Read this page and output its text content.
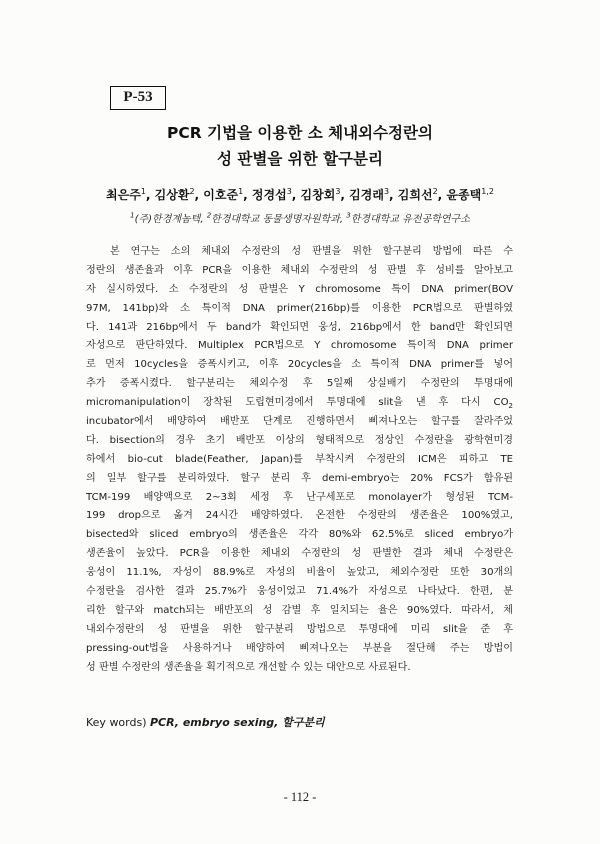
P-53
PCR 기법을 이용한 소 체내외수정란의
성 판별을 위한 할구분리
최은주$^1$, 김상환$^2$, 이호준$^1$, 정경섭$^3$, 김창회$^3$, 김경래$^3$, 김희선$^2$, 윤종택$^{1,2}$
$^1$(주)한경계놈텍, $^2$한경대학교 동물생명자원학과, $^3$한경대학교 유전공학연구소
본 연구는 소의 체내외 수정란의 성 판별을 위한 할구분리 방법에 따른 수
정란의 생존율과 이후 PCR을 이용한 체내외 수정란의 성 판별 후 성비를 알아보고
자 실시하였다. 소 수정란의 성 판별은 Y chromosome 특이 DNA primer(BOV
97M, 141bp)와 소 특이적 DNA primer(216bp)를 이용한 PCR법으로 판별하였
다. 141과 216bp에서 두 band가 확인되면 웅성, 216bp에서 한 band만 확인되면
자성으로 판단하였다. Multiplex PCR법으로 Y chromosome 특이적 DNA primer
로 먼저 10cycles을 증폭시키고, 이후 20cycles을 소 특이적 DNA primer를 넣어
추가 증폭시켰다. 할구분리는 체외수정 후 5일째 상실배기 수정란의 투명대에
micromanipulation이 장착된 도립현미경에서 투명대에 slit을 낸 후 다시 $CO_2$
incubator에서 배양하여 배반포 단계로 진행하면서 삐져나오는 할구를 잘라주었
다. bisection의 경우 초기 배반포 이상의 형태적으로 정상인 수정란을 광학현미경
하에서 bio-cut blade(Feather, Japan)를 부착시켜 수정란의 ICM은 피하고 TE
의 일부 할구를 분리하였다. 할구 분리 후 demi-embryo는 20% FCS가 함유된
TCM-199 배양액으로 2~3회 세정 후 난구세포로 monolayer가 형성된 TCM-
199 drop으로 옮겨 24시간 배양하였다. 온전한 수정란의 생존율은 100%였고,
bisected와 sliced embryo의 생존율은 각각 80%와 62.5%로 sliced embryo가
생존율이 높았다. PCR을 이용한 체내외 수정란의 성 판별한 결과 체내 수정란은
웅성이 11.1%, 자성이 88.9%로 자성의 비율이 높았고, 체외수정란 또한 30개의
수정란을 검사한 결과 25.7%가 웅성이었고 71.4%가 자성으로 나타났다. 한편, 분
리한 할구와 match되는 배반포의 성 감별 후 일치되는 율은 90%였다. 따라서, 체
내외수정란의 성 판별을 위한 할구분리 방법으로 투명대에 미리 slit을 준 후
pressing-out법을 사용하거나 배양하여 삐져나오는 부분을 절단해 주는 방법이
성 판별 수정란의 생존율을 획기적으로 개선할 수 있는 대안으로 사료된다.
Key words) PCR, embryo sexing, 할구분리
- 112 -
